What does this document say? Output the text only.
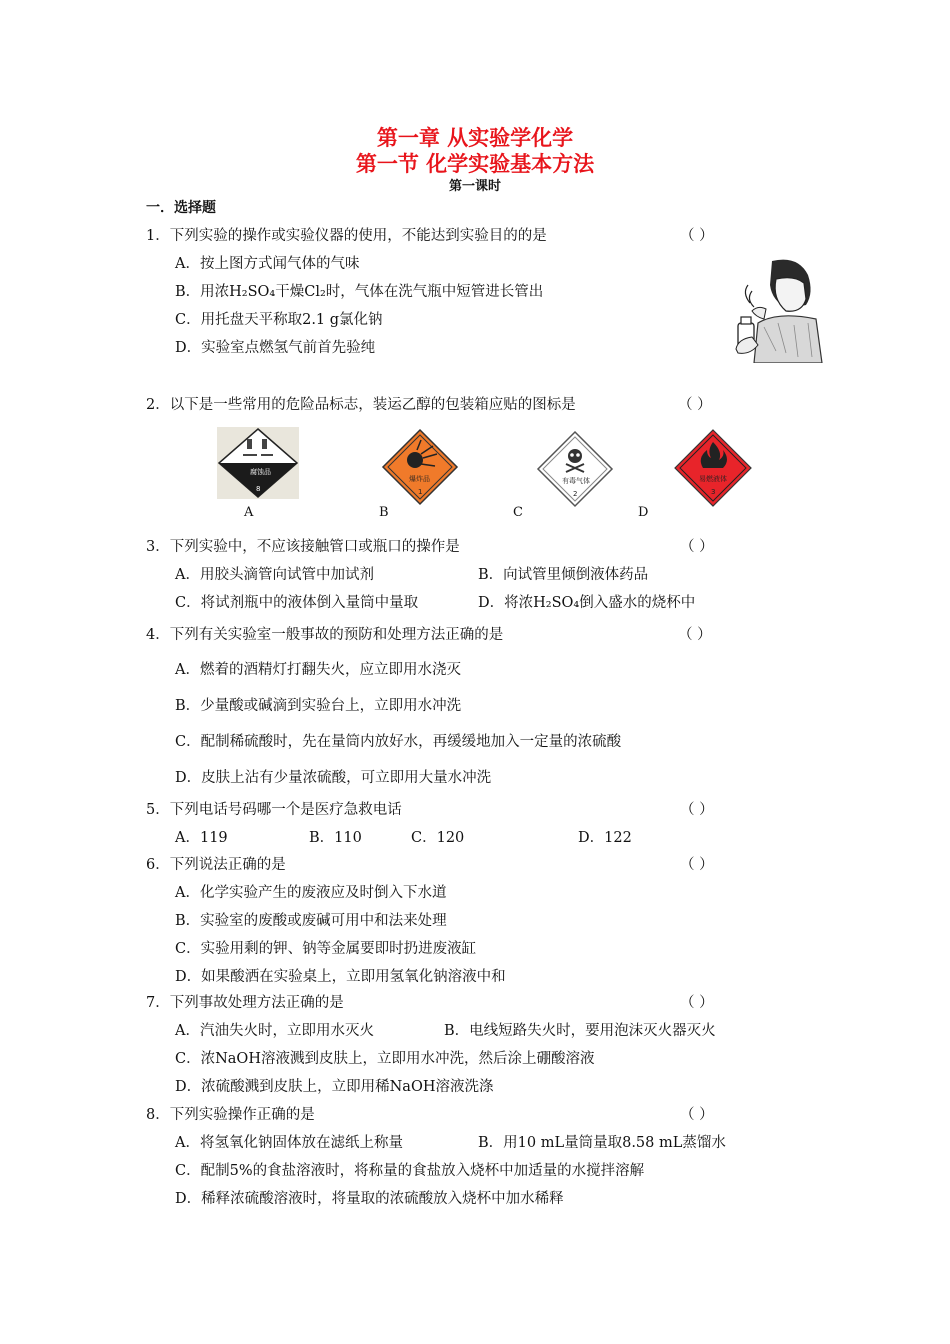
第一章 从实验学化学
第一节 化学实验基本方法
第一课时
一．选择题
1．下列实验的操作或实验仪器的使用，不能达到实验目的的是	（ ）
A．按上图方式闻气体的气味
B．用浓H₂SO₄干燥Cl₂时，气体在洗气瓶中短管进长管出
C．用托盘天平称取2.1 g氯化钠
D．实验室点燃氢气前首先验纯
2．以下是一些常用的危险品标志，装运乙醇的包装箱应贴的图标是	（ ）
腐蚀品
8
爆炸品
1
有毒气体
2
易燃液体
3
A	B	C	D
3．下列实验中，不应该接触管口或瓶口的操作是	（ ）
A．用胶头滴管向试管中加试剂	B．向试管里倾倒液体药品
C．将试剂瓶中的液体倒入量筒中量取	D．将浓H₂SO₄倒入盛水的烧杯中
4．下列有关实验室一般事故的预防和处理方法正确的是	（ ）
A．燃着的酒精灯打翻失火，应立即用水浇灭
B．少量酸或碱滴到实验台上，立即用水冲洗
C．配制稀硫酸时，先在量筒内放好水，再缓缓地加入一定量的浓硫酸
D．皮肤上沾有少量浓硫酸，可立即用大量水冲洗
5．下列电话号码哪一个是医疗急救电话	（ ）
A．119	B．110	C．120	D．122
6．下列说法正确的是	（ ）
A．化学实验产生的废液应及时倒入下水道
B．实验室的废酸或废碱可用中和法来处理
C．实验用剩的钾、钠等金属要即时扔进废液缸
D．如果酸洒在实验桌上，立即用氢氧化钠溶液中和
7．下列事故处理方法正确的是	（ ）
A．汽油失火时，立即用水灭火	B．电线短路失火时，要用泡沫灭火器灭火
C．浓NaOH溶液溅到皮肤上，立即用水冲洗，然后涂上硼酸溶液
D．浓硫酸溅到皮肤上，立即用稀NaOH溶液洗涤
8．下列实验操作正确的是	（ ）
A．将氢氧化钠固体放在滤纸上称量	B．用10 mL量筒量取8.58 mL蒸馏水
C．配制5%的食盐溶液时，将称量的食盐放入烧杯中加适量的水搅拌溶解
D．稀释浓硫酸溶液时，将量取的浓硫酸放入烧杯中加水稀释
